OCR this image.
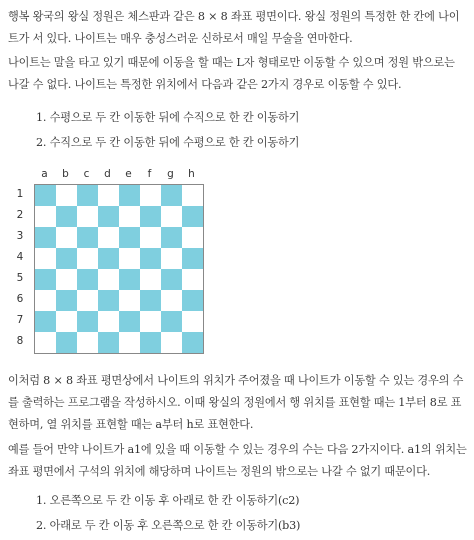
행복 왕국의 왕실 정원은 체스판과 같은 8 × 8 좌표 평면이다. 왕실 정원의 특정한 한 칸에 나이트가 서 있다. 나이트는 매우 충성스러운 신하로서 매일 무술을 연마한다.
나이트는 말을 타고 있기 때문에 이동을 할 때는 L자 형태로만 이동할 수 있으며 정원 밖으로는 나갈 수 없다. 나이트는 특정한 위치에서 다음과 같은 2가지 경우로 이동할 수 있다.
1. 수평으로 두 칸 이동한 뒤에 수직으로 한 칸 이동하기
2. 수직으로 두 칸 이동한 뒤에 수평으로 한 칸 이동하기
a	b	c	d	e	f	g	h
1
2
3
4
5
6
7
8
이처럼 8 × 8 좌표 평면상에서 나이트의 위치가 주어졌을 때 나이트가 이동할 수 있는 경우의 수를 출력하는 프로그램을 작성하시오. 이때 왕실의 정원에서 행 위치를 표현할 때는 1부터 8로 표현하며, 열 위치를 표현할 때는 a부터 h로 표현한다.
예를 들어 만약 나이트가 a1에 있을 때 이동할 수 있는 경우의 수는 다음 2가지이다. a1의 위치는 좌표 평면에서 구석의 위치에 해당하며 나이트는 정원의 밖으로는 나갈 수 없기 때문이다.
1. 오른쪽으로 두 칸 이동 후 아래로 한 칸 이동하기(c2)
2. 아래로 두 칸 이동 후 오른쪽으로 한 칸 이동하기(b3)
